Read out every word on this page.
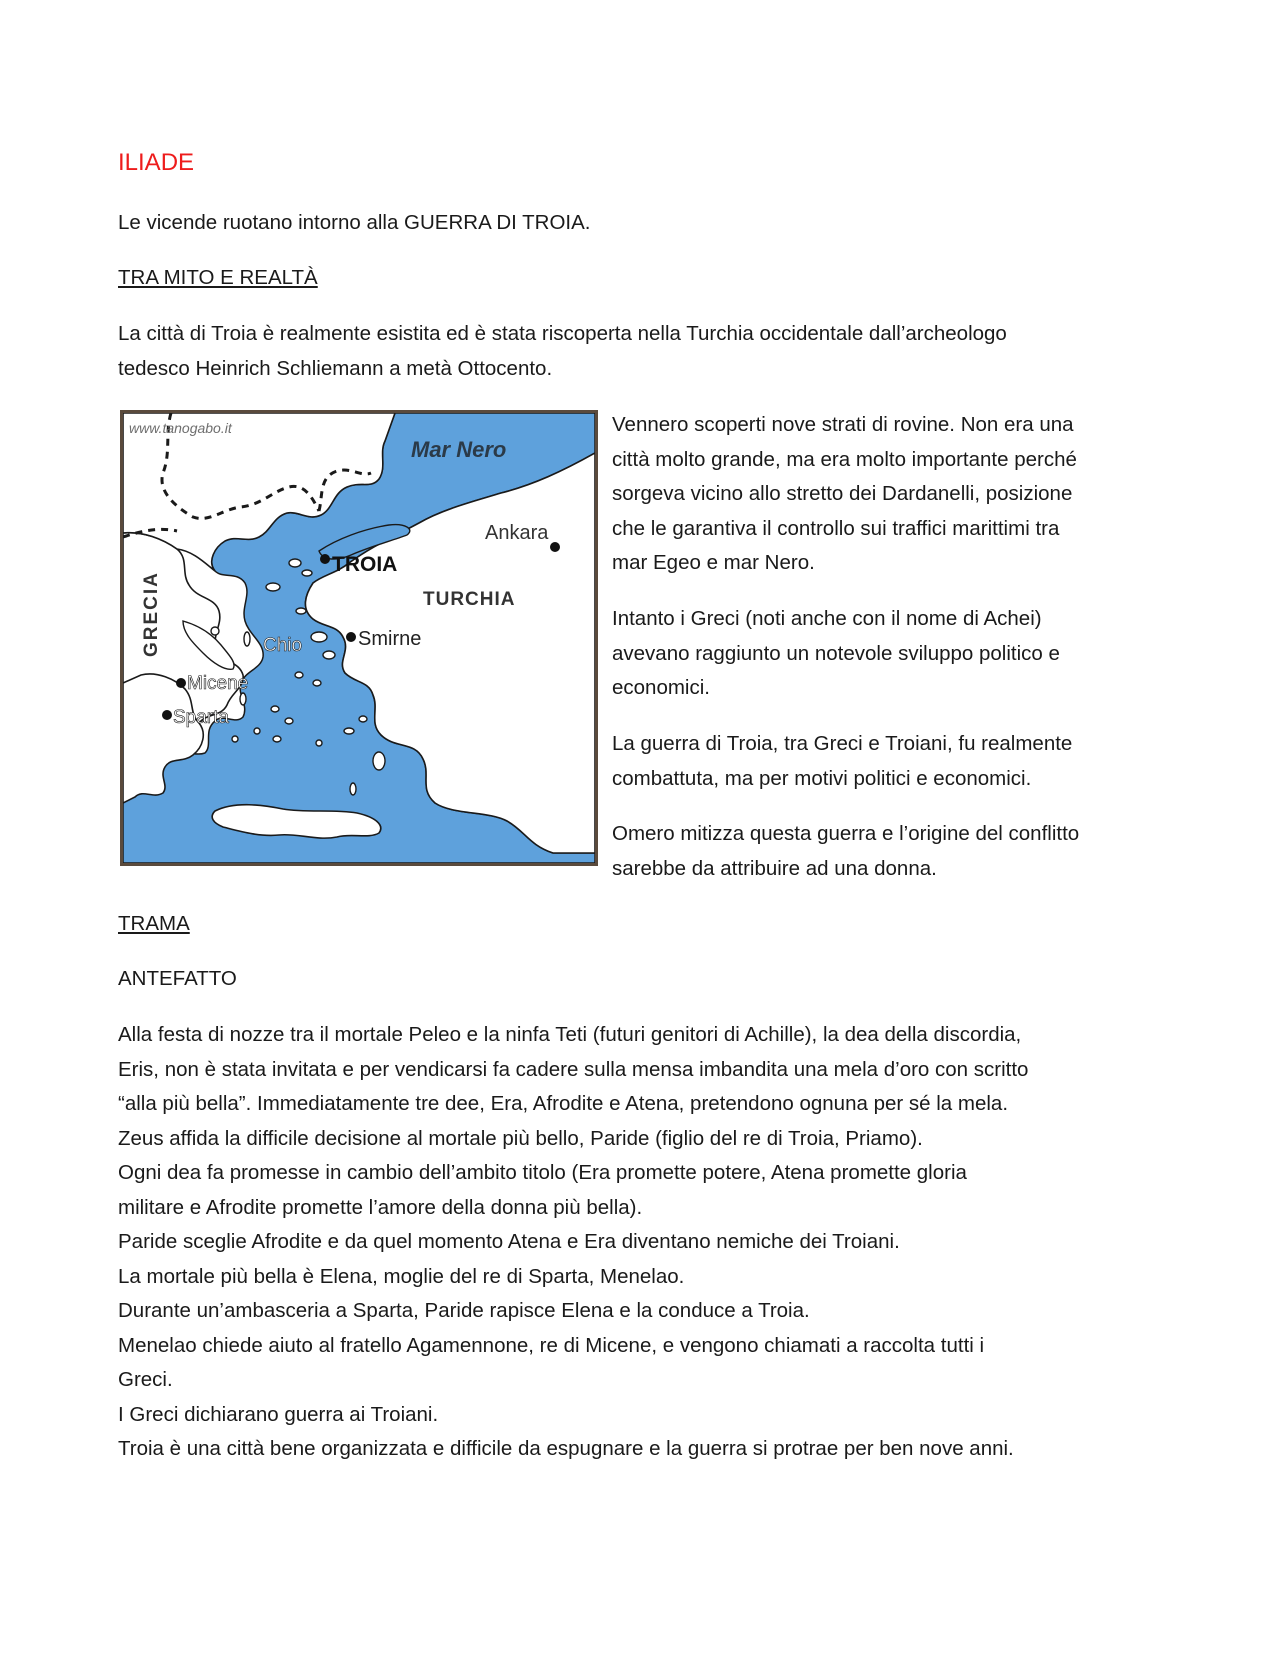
ILIADE

Le vicende ruotano intorno alla GUERRA DI TROIA.

TRA MITO E REALTÀ

La città di Troia è realmente esistita ed è stata riscoperta nella Turchia occidentale dall’archeologo
tedesco Heinrich Schliemann a metà Ottocento.
www.tanogabo.it
Mar Nero
TURCHIA
TROIA
Ankara
Smirne
Chio
Micene
Sparta
GRECIA
Vennero scoperti nove strati di rovine. Non era una
città molto grande, ma era molto importante perché
sorgeva vicino allo stretto dei Dardanelli, posizione
che le garantiva il controllo sui traffici marittimi tra
mar Egeo e mar Nero.
Intanto i Greci (noti anche con il nome di Achei)
avevano raggiunto un notevole sviluppo politico e
economici.
La guerra di Troia, tra Greci e Troiani, fu realmente
combattuta, ma per motivi politici e economici.
Omero mitizza questa guerra e l’origine del conflitto
sarebbe da attribuire ad una donna.

TRAMA

ANTEFATTO

Alla festa di nozze tra il mortale Peleo e la ninfa Teti (futuri genitori di Achille), la dea della discordia,
Eris, non è stata invitata e per vendicarsi fa cadere sulla mensa imbandita una mela d’oro con scritto
“alla più bella”. Immediatamente tre dee, Era, Afrodite e Atena, pretendono ognuna per sé la mela.
Zeus affida la difficile decisione al mortale più bello, Paride (figlio del re di Troia, Priamo).
Ogni dea fa promesse in cambio dell’ambito titolo (Era promette potere, Atena promette gloria
militare e Afrodite promette l’amore della donna più bella).
Paride sceglie Afrodite e da quel momento Atena e Era diventano nemiche dei Troiani.
La mortale più bella è Elena, moglie del re di Sparta, Menelao.
Durante un’ambasceria a Sparta, Paride rapisce Elena e la conduce a Troia.
Menelao chiede aiuto al fratello Agamennone, re di Micene, e vengono chiamati a raccolta tutti i
Greci.
I Greci dichiarano guerra ai Troiani.
Troia è una città bene organizzata e difficile da espugnare e la guerra si protrae per ben nove anni.
